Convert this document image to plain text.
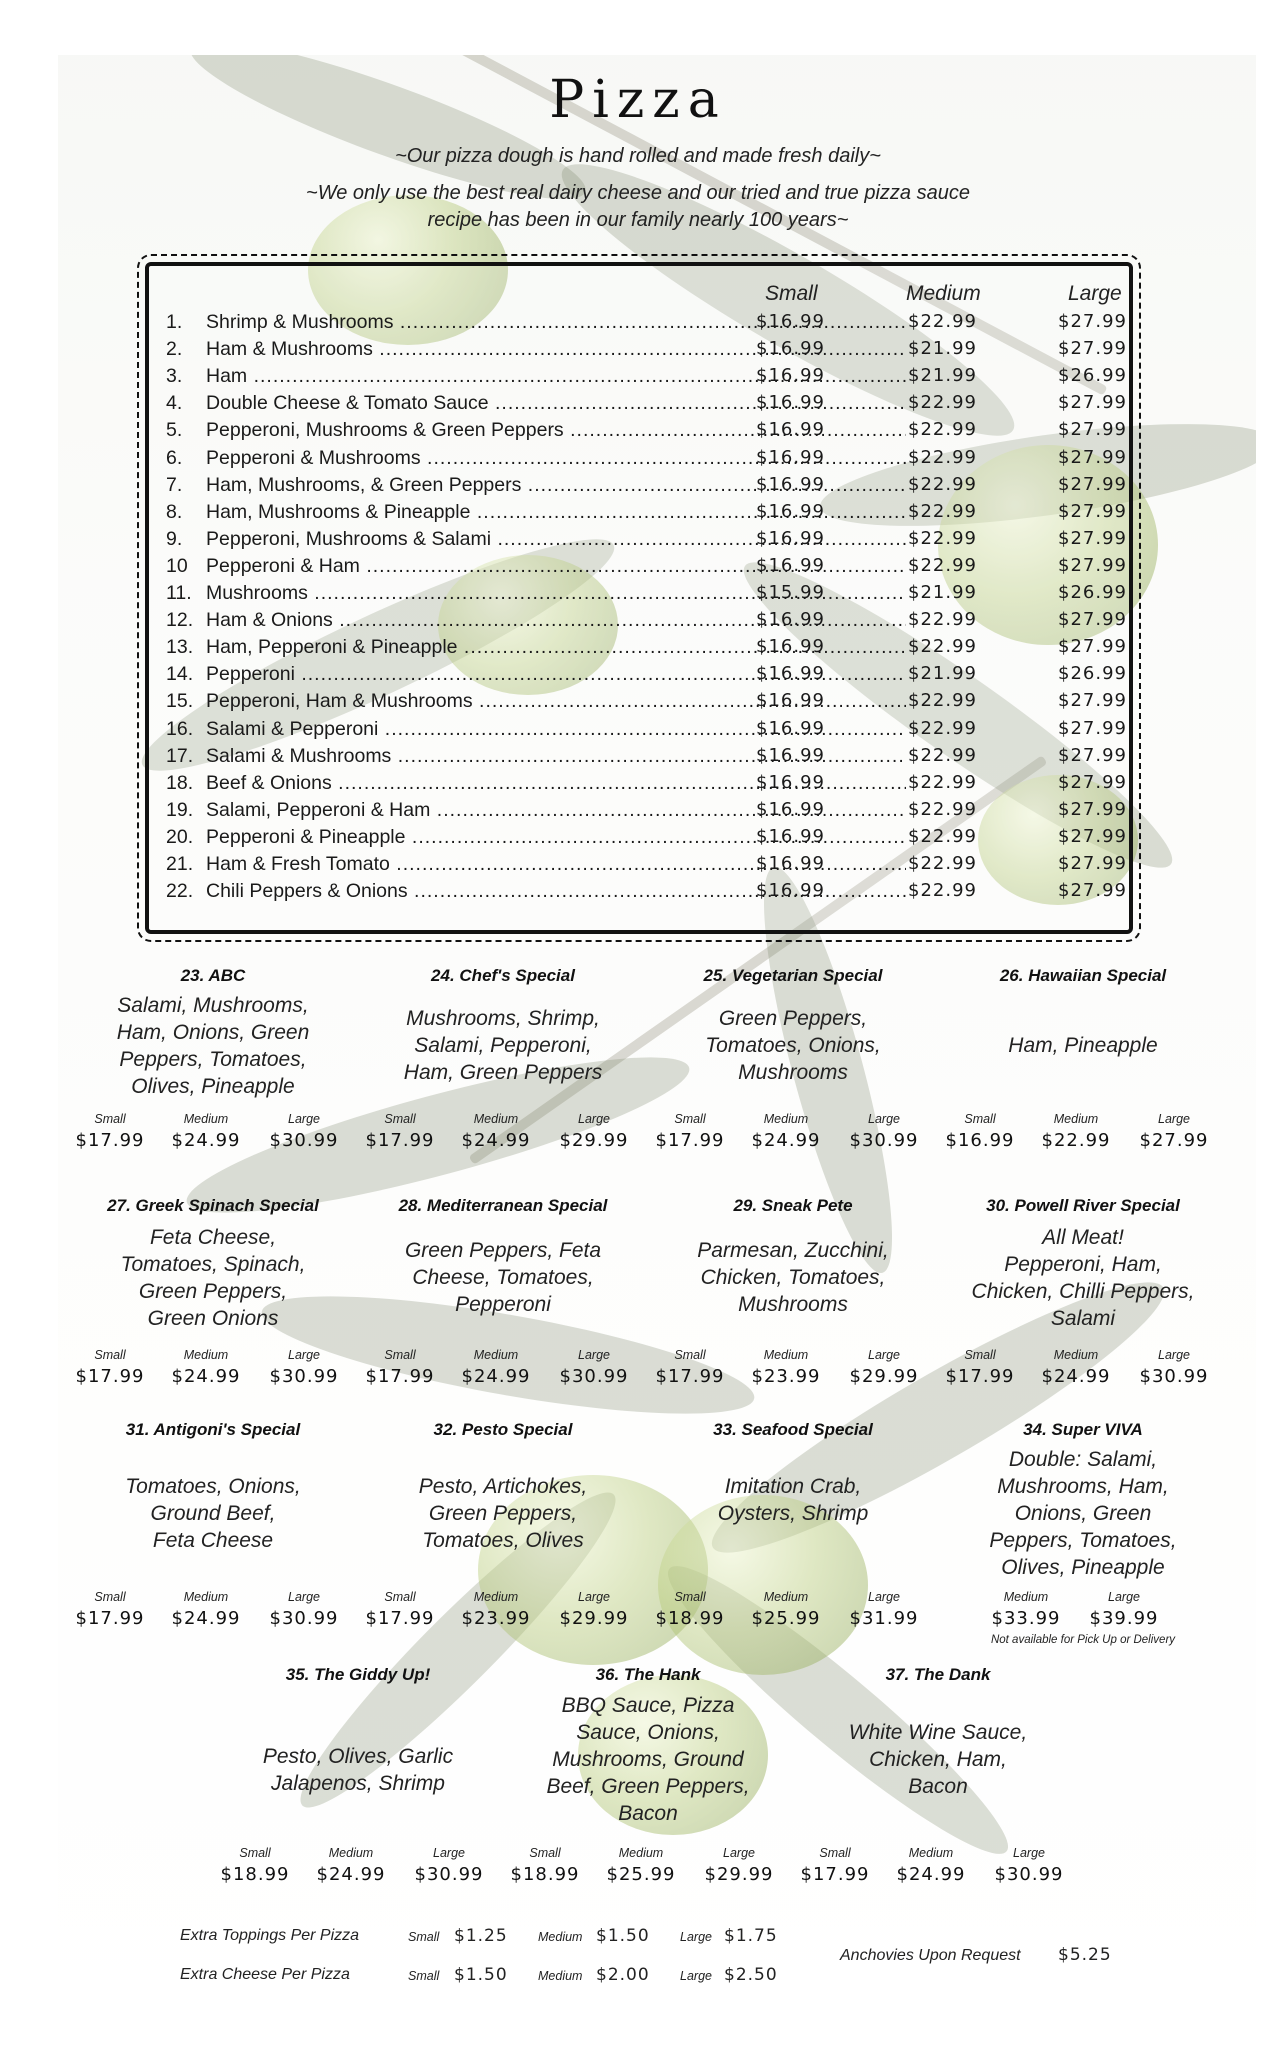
Pizza
~Our pizza dough is hand rolled and made fresh daily~
~We only use the best real dairy cheese and our tried and true pizza sauce
recipe has been in our family nearly 100 years~
Small	Medium	Large
1.	Shrimp & Mushrooms .....	$16.99	$22.99	$27.99
2.	Ham & Mushrooms .....	$16.99	$21.99	$27.99
3.	Ham .....	$16.99	$21.99	$26.99
4.	Double Cheese & Tomato Sauce .....	$16.99	$22.99	$27.99
5.	Pepperoni, Mushrooms & Green Peppers .....	$16.99	$22.99	$27.99
6.	Pepperoni & Mushrooms .....	$16.99	$22.99	$27.99
7.	Ham, Mushrooms, & Green Peppers .....	$16.99	$22.99	$27.99
8.	Ham, Mushrooms & Pineapple .....	$16.99	$22.99	$27.99
9.	Pepperoni, Mushrooms & Salami .....	$16.99	$22.99	$27.99
10 Pepperoni & Ham .....	$16.99	$22.99	$27.99
11. Mushrooms .....	$15.99	$21.99	$26.99
12. Ham & Onions .....	$16.99	$22.99	$27.99
13. Ham, Pepperoni & Pineapple .....	$16.99	$22.99	$27.99
14. Pepperoni .....	$16.99	$21.99	$26.99
15. Pepperoni, Ham & Mushrooms .....	$16.99	$22.99	$27.99
16. Salami & Pepperoni .....	$16.99	$22.99	$27.99
17. Salami & Mushrooms .....	$16.99	$22.99	$27.99
18. Beef & Onions .....	$16.99	$22.99	$27.99
19. Salami, Pepperoni & Ham .....	$16.99	$22.99	$27.99
20. Pepperoni & Pineapple .....	$16.99	$22.99	$27.99
21. Ham & Fresh Tomato .....	$16.99	$22.99	$27.99
22. Chili Peppers & Onions .....	$16.99	$22.99	$27.99
23. ABC
Salami, Mushrooms,
Ham, Onions, Green
Peppers, Tomatoes,
Olives, Pineapple
Small	Medium	Large
$17.99	$24.99	$30.99
24. Chef's Special
Mushrooms, Shrimp,
Salami, Pepperoni,
Ham, Green Peppers
Small	Medium	Large
$17.99	$24.99	$29.99
25. Vegetarian Special
Green Peppers,
Tomatoes, Onions,
Mushrooms
Small	Medium	Large
$17.99	$24.99	$30.99
26. Hawaiian Special
Ham, Pineapple
Small	Medium	Large
$16.99	$22.99	$27.99
27. Greek Spinach Special
Feta Cheese,
Tomatoes, Spinach,
Green Peppers,
Green Onions
Small	Medium	Large
$17.99	$24.99	$30.99
28. Mediterranean Special
Green Peppers, Feta
Cheese, Tomatoes,
Pepperoni
Small	Medium	Large
$17.99	$24.99	$30.99
29. Sneak Pete
Parmesan, Zucchini,
Chicken, Tomatoes,
Mushrooms
Small	Medium	Large
$17.99	$23.99	$29.99
30. Powell River Special
All Meat!
Pepperoni, Ham,
Chicken, Chilli Peppers,
Salami
Small	Medium	Large
$17.99	$24.99	$30.99
31. Antigoni's Special
Tomatoes, Onions,
Ground Beef,
Feta Cheese
Small	Medium	Large
$17.99	$24.99	$30.99
32. Pesto Special
Pesto, Artichokes,
Green Peppers,
Tomatoes, Olives
Small	Medium	Large
$17.99	$23.99	$29.99
33. Seafood Special
Imitation Crab,
Oysters, Shrimp
Small	Medium	Large
$18.99	$25.99	$31.99
34. Super VIVA
Double: Salami,
Mushrooms, Ham,
Onions, Green
Peppers, Tomatoes,
Olives, Pineapple
Medium	Large
$33.99	$39.99
Not available for Pick Up or Delivery
35. The Giddy Up!
Pesto, Olives, Garlic
Jalapenos, Shrimp
Small	Medium	Large
$18.99	$24.99	$30.99
36. The Hank
BBQ Sauce, Pizza
Sauce, Onions,
Mushrooms, Ground
Beef, Green Peppers,
Bacon
Small	Medium	Large
$18.99	$25.99	$29.99
37. The Dank
White Wine Sauce,
Chicken, Ham,
Bacon
Small	Medium	Large
$17.99	$24.99	$30.99
Extra Toppings Per Pizza	Small $1.25 Medium $1.50 Large $1.75
Extra Cheese Per Pizza	Small $1.50 Medium $2.00 Large $2.50
Anchovies Upon Request $5.25
